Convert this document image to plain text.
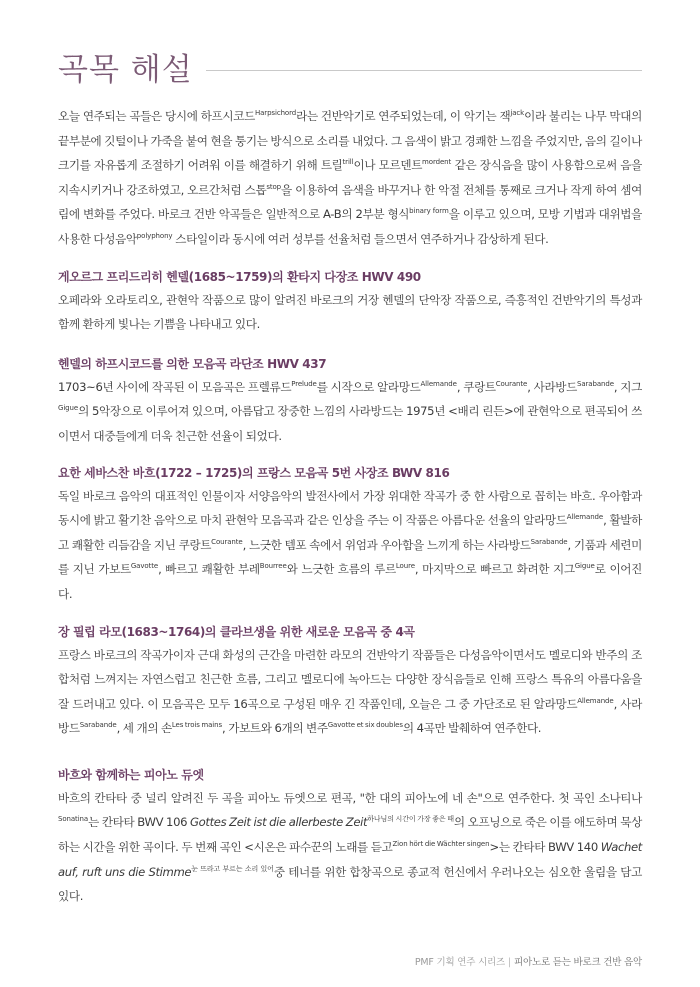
곡목 해설

오늘 연주되는 곡들은 당시에 하프시코드$^{Harpsichord}$라는 건반악기로 연주되었는데, 이 악기는 잭$^{jack}$이라 불리는 나무 막대의 끝부분에 깃털이나 가죽을 붙여 현을 퉁기는 방식으로 소리를 내었다. 그 음색이 밝고 경쾌한 느낌을 주었지만, 음의 길이나 크기를 자유롭게 조절하기 어려워 이를 해결하기 위해 트릴$^{trill}$이나 모르덴트$^{mordent}$ 같은 장식음을 많이 사용함으로써 음을 지속시키거나 강조하였고, 오르간처럼 스톱$^{stop}$을 이용하여 음색을 바꾸거나 한 악절 전체를 통째로 크거나 작게 하여 셈여림에 변화를 주었다. 바로크 건반 악곡들은 일반적으로 A-B의 2부분 형식$^{binary form}$을 이루고 있으며, 모방 기법과 대위법을 사용한 다성음악$^{polyphony}$ 스타일이라 동시에 여러 성부를 선율처럼 들으면서 연주하거나 감상하게 된다.

게오르그 프리드리히 헨델(1685~1759)의 환타지 다장조 HWV 490

오페라와 오라토리오, 관현악 작품으로 많이 알려진 바로크의 거장 헨델의 단악장 작품으로, 즉흥적인 건반악기의 특성과 함께 환하게 빛나는 기쁨을 나타내고 있다.

헨델의 하프시코드를 의한 모음곡 라단조 HWV 437

1703~6년 사이에 작곡된 이 모음곡은 프렐류드$^{Prelude}$를 시작으로 알라망드$^{Allemande}$, 쿠랑트$^{Courante}$, 사라방드$^{Sarabande}$, 지그$^{Gigue}$의 5악장으로 이루어져 있으며, 아름답고 장중한 느낌의 사라방드는 1975년 <배리 린든>에 관현악으로 편곡되어 쓰이면서 대중들에게 더욱 친근한 선율이 되었다.

요한 세바스찬 바흐(1722 – 1725)의 프랑스 모음곡 5번 사장조 BWV 816

독일 바로크 음악의 대표적인 인물이자 서양음악의 발전사에서 가장 위대한 작곡가 중 한 사람으로 꼽히는 바흐. 우아함과 동시에 밝고 활기찬 음악으로 마치 관현악 모음곡과 같은 인상을 주는 이 작품은 아름다운 선율의 알라망드$^{Allemande}$, 활발하고 쾌활한 리듬감을 지닌 쿠랑트$^{Courante}$, 느긋한 템포 속에서 위엄과 우아함을 느끼게 하는 사라방드$^{Sarabande}$, 기품과 세련미를 지닌 가보트$^{Gavotte}$, 빠르고 쾌활한 부레$^{Bourree}$와 느긋한 흐름의 루르$^{Loure}$, 마지막으로 빠르고 화려한 지그$^{Gigue}$로 이어진다.

장 필립 라모(1683~1764)의 클라브생을 위한 새로운 모음곡 중 4곡

프랑스 바로크의 작곡가이자 근대 화성의 근간을 마련한 라모의 건반악기 작품들은 다성음악이면서도 멜로디와 반주의 조합처럼 느껴지는 자연스럽고 친근한 흐름, 그리고 멜로디에 녹아드는 다양한 장식음들로 인해 프랑스 특유의 아름다움을 잘 드러내고 있다. 이 모음곡은 모두 16곡으로 구성된 매우 긴 작품인데, 오늘은 그 중 가단조로 된 알라망드$^{Allemande}$, 사라방드$^{Sarabande}$, 세 개의 손$^{Les trois mains}$, 가보트와 6개의 변주$^{Gavotte et six doubles}$의 4곡만 발췌하여 연주한다.

바흐와 함께하는 피아노 듀엣

바흐의 칸타타 중 널리 알려진 두 곡을 피아노 듀엣으로 편곡, "한 대의 피아노에 네 손"으로 연주한다. 첫 곡인 소나티나$^{Sonatina}$는 칸타타 BWV 106 Gottes Zeit ist die allerbeste Zeit$^{하나님의 시간이 가장 좋은 때}$의 오프닝으로 죽은 이를 애도하며 묵상하는 시간을 위한 곡이다. 두 번째 곡인 <시온은 파수꾼의 노래를 듣고$^{Zion hört die Wächter singen}$>는 칸타타 BWV 140 Wachet auf, ruft uns die Stimme$^{눈 뜨라고 부르는 소리 있어}$중 테너를 위한 합창곡으로 종교적 헌신에서 우러나오는 심오한 울림을 담고 있다.

PMF 기획 연주 시리즈 | 피아노로 듣는 바로크 건반 음악
